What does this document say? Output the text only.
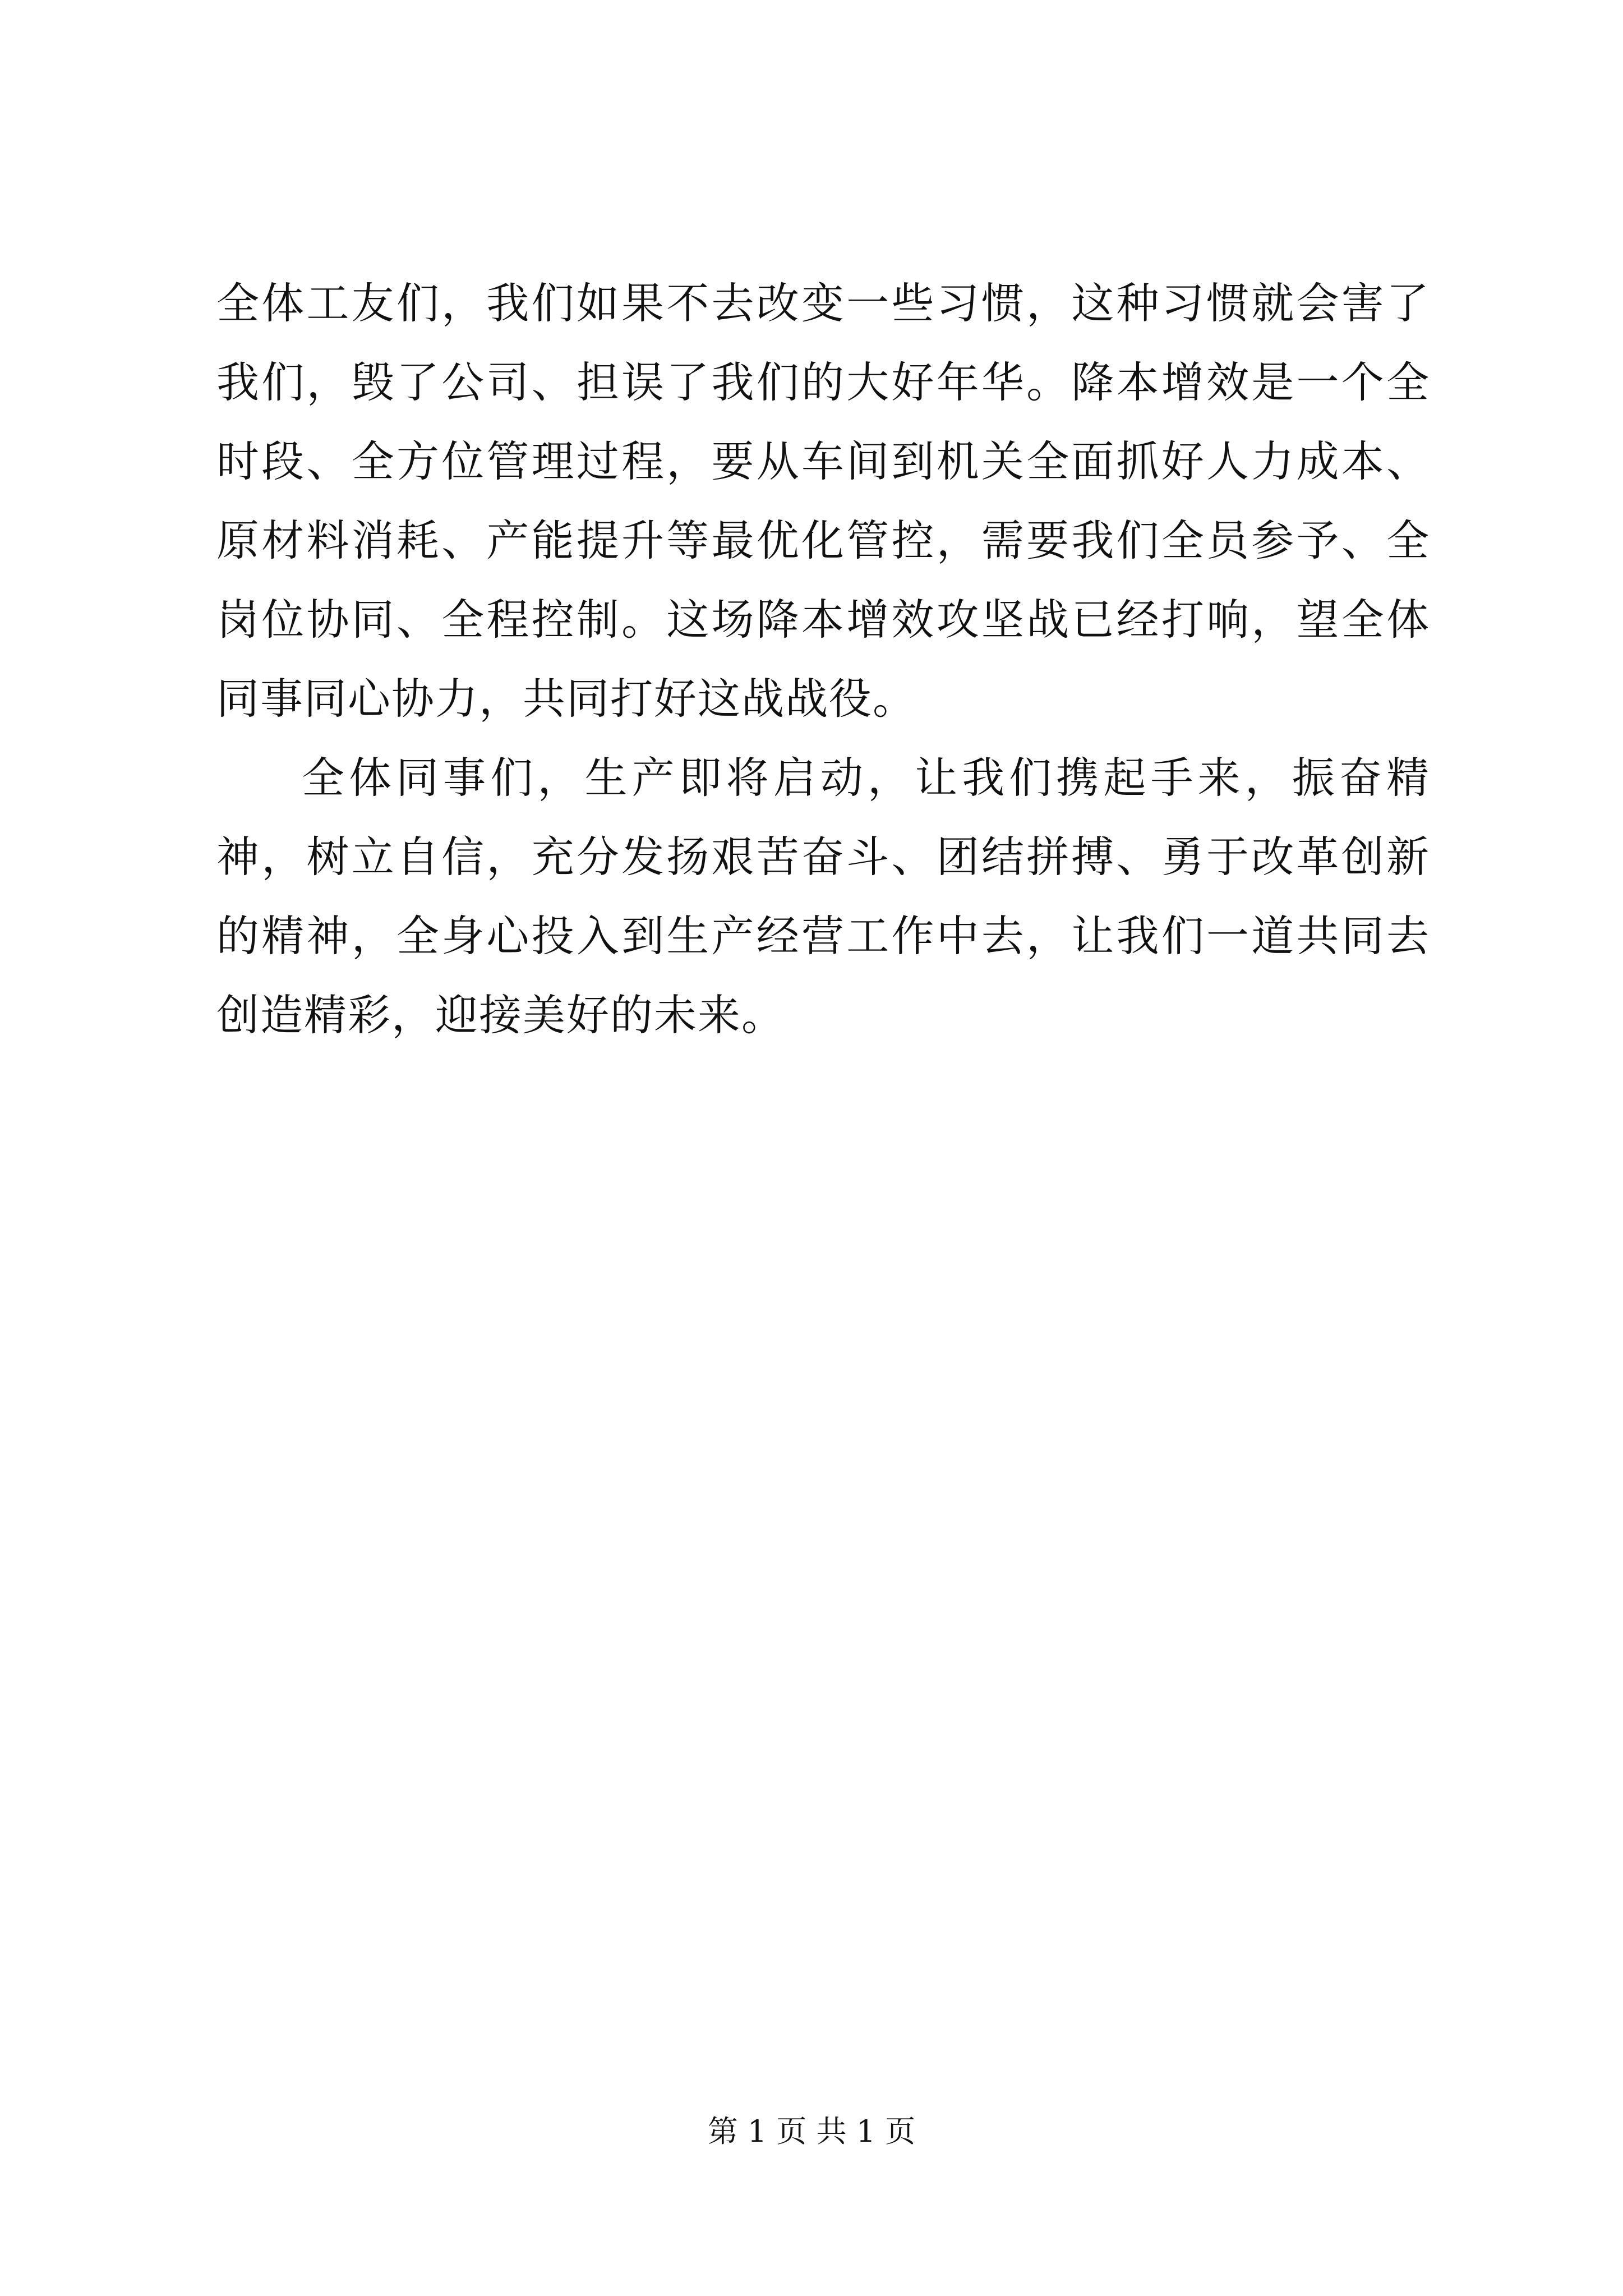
全体工友们，我们如果不去改变一些习惯，这种习惯就会害了我们，毁了公司、担误了我们的大好年华。降本增效是一个全时段、全方位管理过程，要从车间到机关全面抓好人力成本、原材料消耗、产能提升等最优化管控，需要我们全员参予、全岗位协同、全程控制。这场降本增效攻坚战已经打响，望全体同事同心协力，共同打好这战战役。

全体同事们，生产即将启动，让我们携起手来，振奋精神，树立自信，充分发扬艰苦奋斗、团结拼搏、勇于改革创新的精神，全身心投入到生产经营工作中去，让我们一道共同去创造精彩，迎接美好的未来。

第 1 页 共 1 页
